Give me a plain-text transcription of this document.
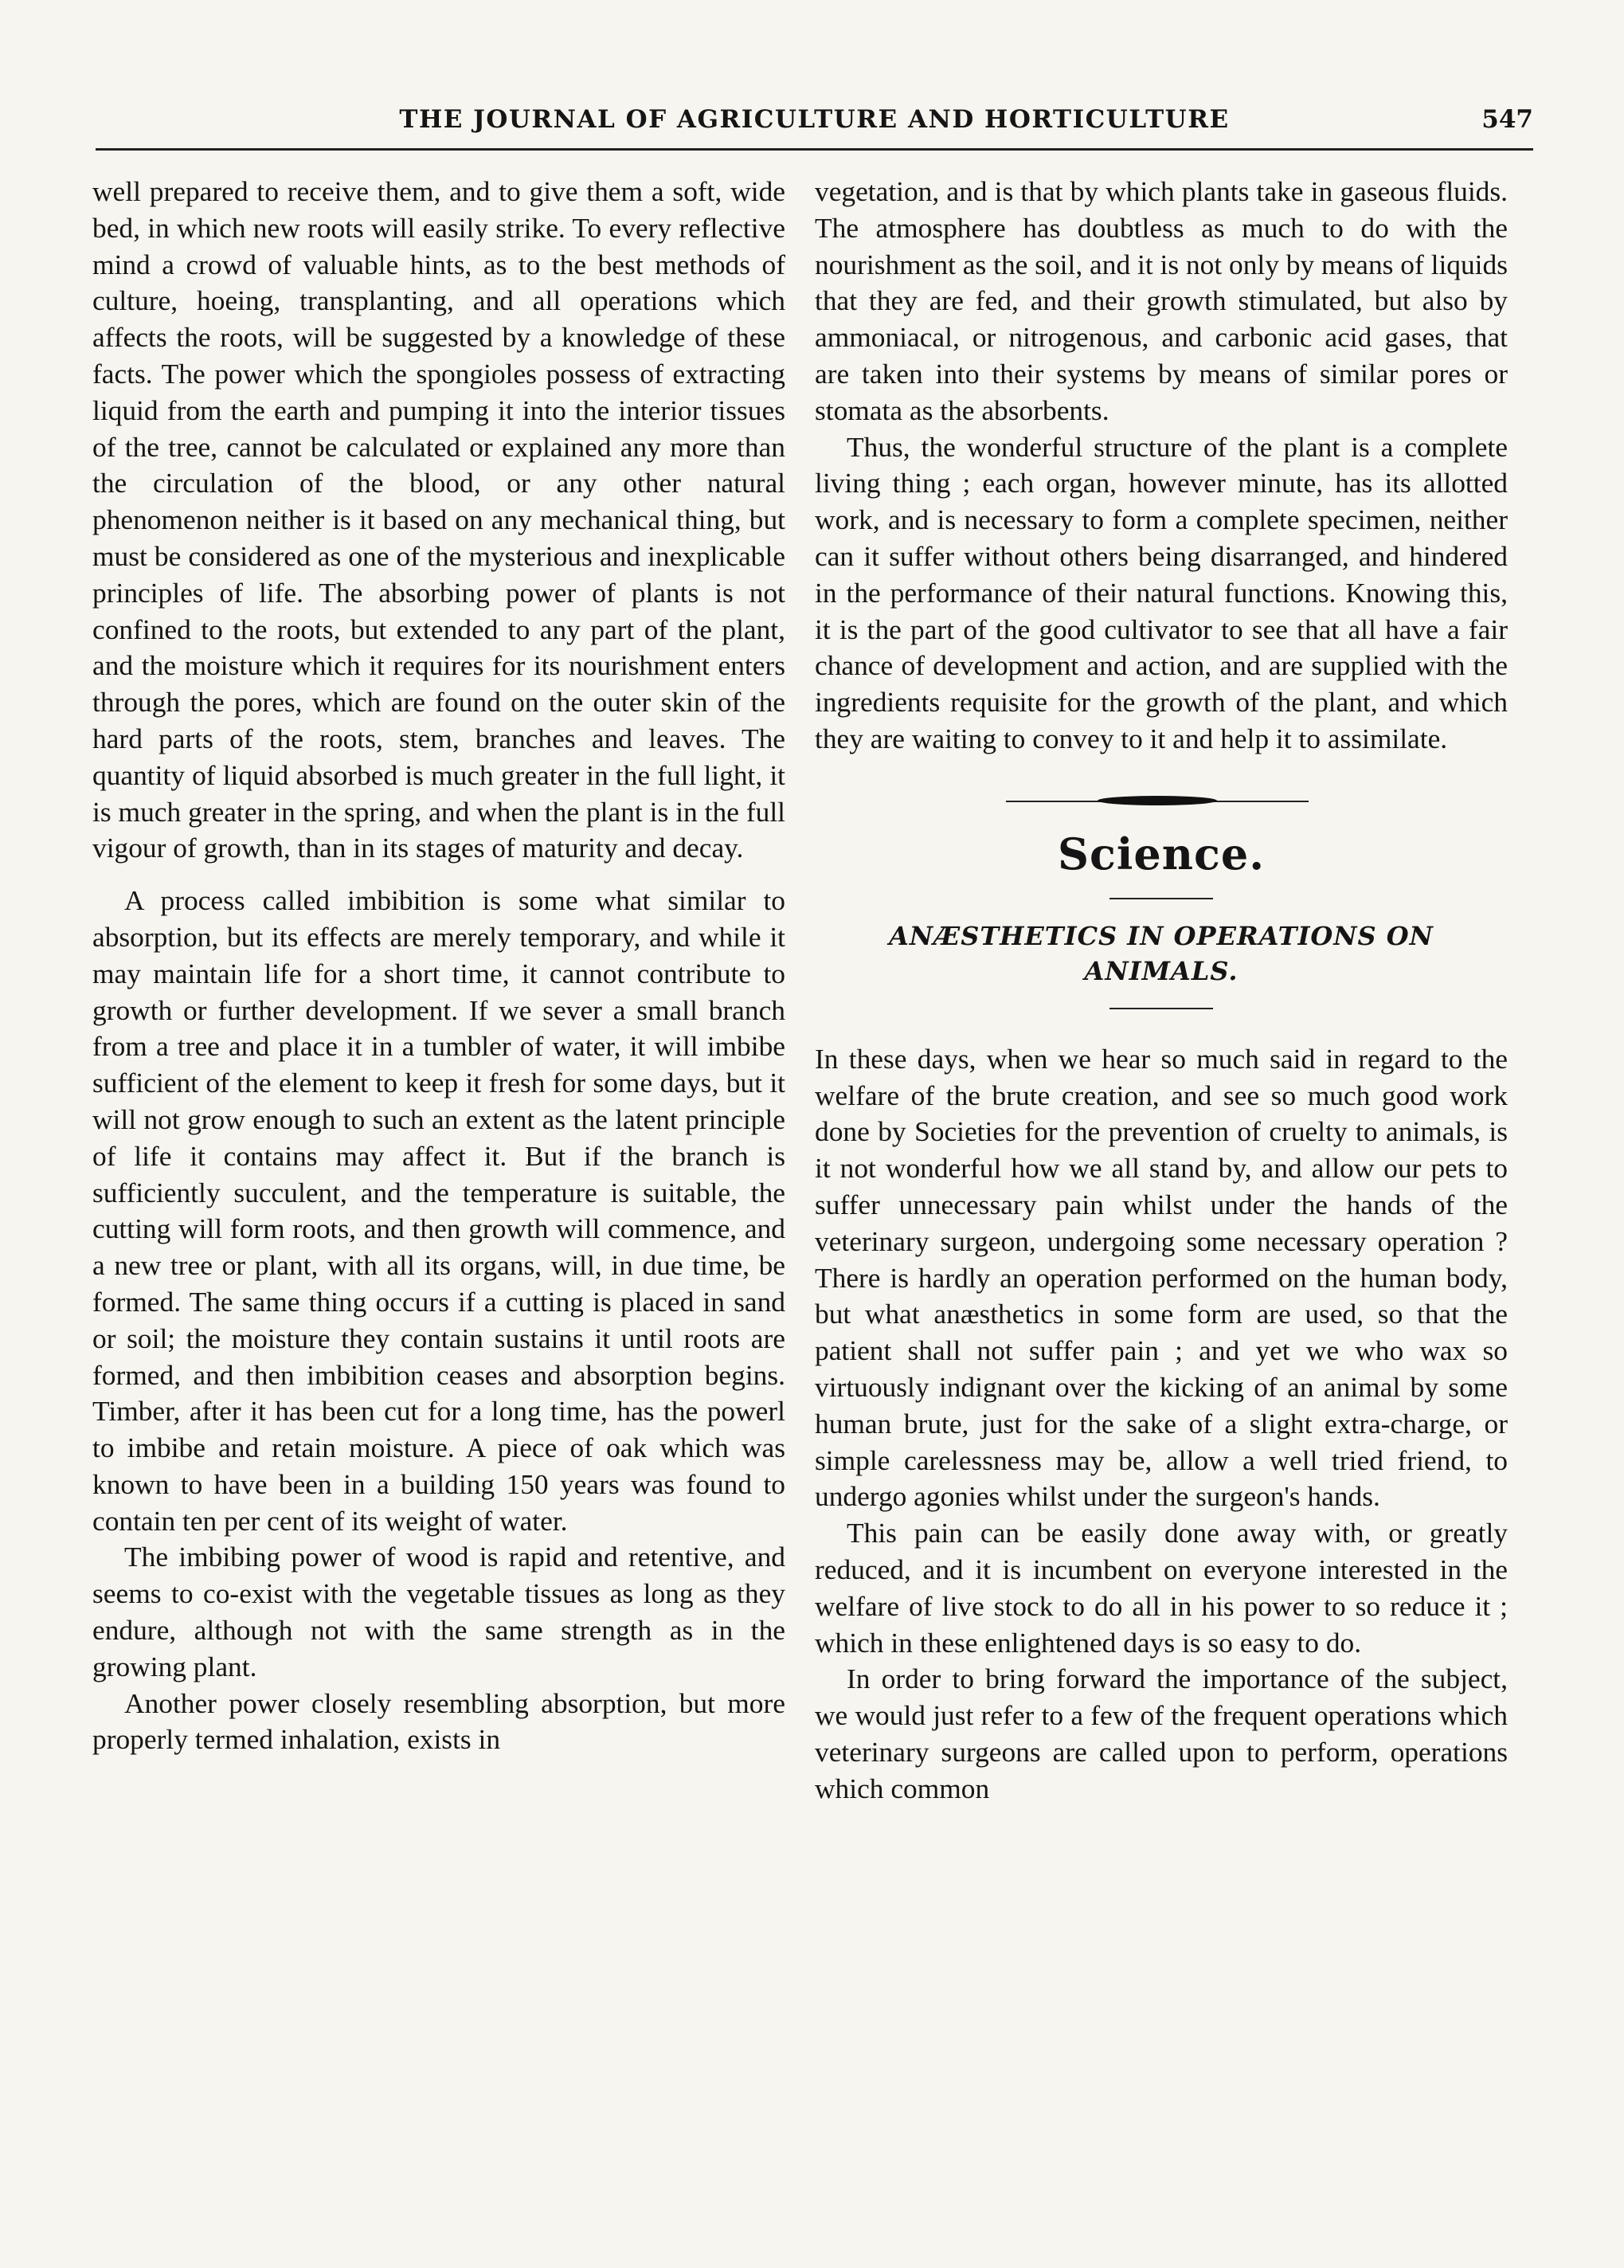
THE JOURNAL OF AGRICULTURE AND HORTICULTURE	547

well prepared to receive them, and to give them a soft, wide bed, in which new roots will easily strike. To every reflective mind a crowd of valuable hints, as to the best methods of culture, hoeing, transplanting, and all operations which affects the roots, will be suggested by a knowledge of these facts. The power which the spongioles possess of extracting liquid from the earth and pumping it into the interior tissues of the tree, cannot be calculated or explained any more than the circulation of the blood, or any other natural phenomenon neither is it based on any mechanical thing, but must be considered as one of the mysterious and inexplicable principles of life. The absorbing power of plants is not confined to the roots, but extended to any part of the plant, and the moisture which it requires for its nourishment enters through the pores, which are found on the outer skin of the hard parts of the roots, stem, branches and leaves. The quantity of liquid absorbed is much greater in the full light, it is much greater in the spring, and when the plant is in the full vigour of growth, than in its stages of maturity and decay.

A process called imbibition is some what similar to absorption, but its effects are merely temporary, and while it may maintain life for a short time, it cannot contribute to growth or further development. If we sever a small branch from a tree and place it in a tumbler of water, it will imbibe sufficient of the element to keep it fresh for some days, but it will not grow enough to such an extent as the latent principle of life it contains may affect it. But if the branch is sufficiently succulent, and the temperature is suitable, the cutting will form roots, and then growth will commence, and a new tree or plant, with all its organs, will, in due time, be formed. The same thing occurs if a cutting is placed in sand or soil; the moisture they contain sustains it until roots are formed, and then imbibition ceases and absorption begins. Timber, after it has been cut for a long time, has the powerl to imbibe and retain moisture. A piece of oak which was known to have been in a building 150 years was found to contain ten per cent of its weight of water.

The imbibing power of wood is rapid and retentive, and seems to co-exist with the vegetable tissues as long as they endure, although not with the same strength as in the growing plant.

Another power closely resembling absorption, but more properly termed inhalation, exists in

vegetation, and is that by which plants take in gaseous fluids. The atmosphere has doubtless as much to do with the nourishment as the soil, and it is not only by means of liquids that they are fed, and their growth stimulated, but also by ammoniacal, or nitrogenous, and carbonic acid gases, that are taken into their systems by means of similar pores or stomata as the absorbents.

Thus, the wonderful structure of the plant is a complete living thing ; each organ, however minute, has its allotted work, and is necessary to form a complete specimen, neither can it suffer without others being disarranged, and hindered in the performance of their natural functions. Knowing this, it is the part of the good cultivator to see that all have a fair chance of development and action, and are supplied with the ingredients requisite for the growth of the plant, and which they are waiting to convey to it and help it to assimilate.

Science.
ANÆSTHETICS IN OPERATIONS ON ANIMALS.

In these days, when we hear so much said in regard to the welfare of the brute creation, and see so much good work done by Societies for the prevention of cruelty to animals, is it not wonderful how we all stand by, and allow our pets to suffer unnecessary pain whilst under the hands of the veterinary surgeon, undergoing some necessary operation ? There is hardly an operation performed on the human body, but what anæsthetics in some form are used, so that the patient shall not suffer pain ; and yet we who wax so virtuously indignant over the kicking of an animal by some human brute, just for the sake of a slight extra-charge, or simple carelessness may be, allow a well tried friend, to undergo agonies whilst under the surgeon's hands.

This pain can be easily done away with, or greatly reduced, and it is incumbent on everyone interested in the welfare of live stock to do all in his power to so reduce it ; which in these enlightened days is so easy to do.

In order to bring forward the importance of the subject, we would just refer to a few of the frequent operations which veterinary surgeons are called upon to perform, operations which common
